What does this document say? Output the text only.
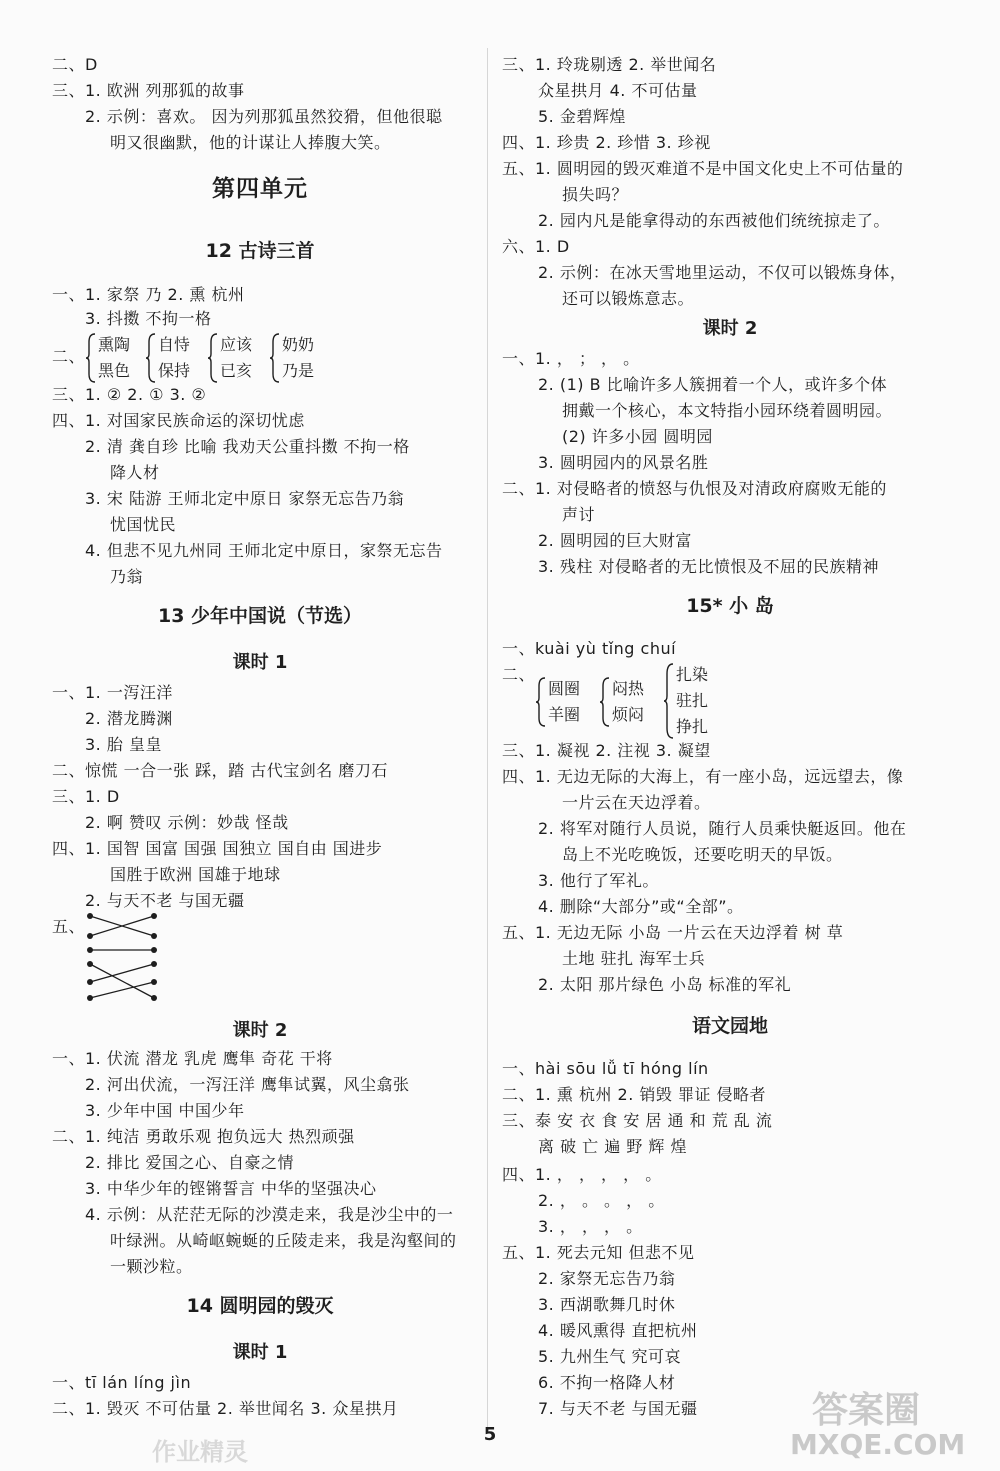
二、D
三、1. 欧洲 列那狐的故事
2. 示例：喜欢。 因为列那狐虽然狡猾，但他很聪
明又很幽默，他的计谋让人捧腹大笑。
第四单元
12 古诗三首
一、1. 家祭 乃 2. 熏 杭州
3. 抖擞 不拘一格
二、
熏陶
黑色
自恃
保持
应该
已亥
奶奶
乃是
三、1. ② 2. ① 3. ②
四、1. 对国家民族命运的深切忧虑
2. 清 龚自珍 比喻 我劝天公重抖擞 不拘一格
降人材
3. 宋 陆游 王师北定中原日 家祭无忘告乃翁
忧国忧民
4. 但悲不见九州同 王师北定中原日，家祭无忘告
乃翁
13 少年中国说（节选）
课时 1
一、1. 一泻汪洋
2. 潜龙腾渊
3. 胎 皇皇
二、惊慌 一合一张 踩，踏 古代宝剑名 磨刀石
三、1. D
2. 啊 赞叹 示例：妙哉 怪哉
四、1. 国智 国富 国强 国独立 国自由 国进步
国胜于欧洲 国雄于地球
2. 与天不老 与国无疆
五、
课时 2
一、1. 伏流 潜龙 乳虎 鹰隼 奇花 干将
2. 河出伏流，一泻汪洋 鹰隼试翼，风尘翕张
3. 少年中国 中国少年
二、1. 纯洁 勇敢乐观 抱负远大 热烈顽强
2. 排比 爱国之心、自豪之情
3. 中华少年的铿锵誓言 中华的坚强决心
4. 示例：从茫茫无际的沙漠走来，我是沙尘中的一
叶绿洲。从崎岖蜿蜒的丘陵走来，我是沟壑间的
一颗沙粒。
14 圆明园的毁灭
课时 1
一、tī lán líng jìn
二、1. 毁灭 不可估量 2. 举世闻名 3. 众星拱月
三、1. 玲珑剔透 2. 举世闻名
众星拱月 4. 不可估量
5. 金碧辉煌
四、1. 珍贵 2. 珍惜 3. 珍视
五、1. 圆明园的毁灭难道不是中国文化史上不可估量的
损失吗？
2. 园内凡是能拿得动的东西被他们统统掠走了。
六、1. D
2. 示例：在冰天雪地里运动，不仅可以锻炼身体，
还可以锻炼意志。
课时 2
一、1. ， ； ， 。
2. (1) B 比喻许多人簇拥着一个人，或许多个体
拥戴一个核心，本文特指小园环绕着圆明园。
(2) 许多小园 圆明园
3. 圆明园内的风景名胜
二、1. 对侵略者的愤怒与仇恨及对清政府腐败无能的
声讨
2. 圆明园的巨大财富
3. 残柱 对侵略者的无比愤恨及不屈的民族精神
15* 小 岛
一、kuài yù tǐng chuí
二、
圆圈
羊圈
闷热
烦闷
扎染
驻扎
挣扎
三、1. 凝视 2. 注视 3. 凝望
四、1. 无边无际的大海上，有一座小岛，远远望去，像
一片云在天边浮着。
2. 将军对随行人员说，随行人员乘快艇返回。他在
岛上不光吃晚饭，还要吃明天的早饭。
3. 他行了军礼。
4. 删除“大部分”或“全部”。
五、1. 无边无际 小岛 一片云在天边浮着 树 草
土地 驻扎 海军士兵
2. 太阳 那片绿色 小岛 标准的军礼
语文园地
一、hài sōu lǚ tī hóng lín
二、1. 熏 杭州 2. 销毁 罪证 侵略者
三、泰 安 衣 食 安 居 通 和 荒 乱 流
离 破 亡 遍 野 辉 煌
四、1. ， ， ， ， 。
2. ， 。 。 ， 。
3. ， ， ， 。
五、1. 死去元知 但悲不见
2. 家祭无忘告乃翁
3. 西湖歌舞几时休
4. 暖风熏得 直把杭州
5. 九州生气 究可哀
6. 不拘一格降人材
7. 与天不老 与国无疆
5
作业精灵
答案圈
MXQE.COM
